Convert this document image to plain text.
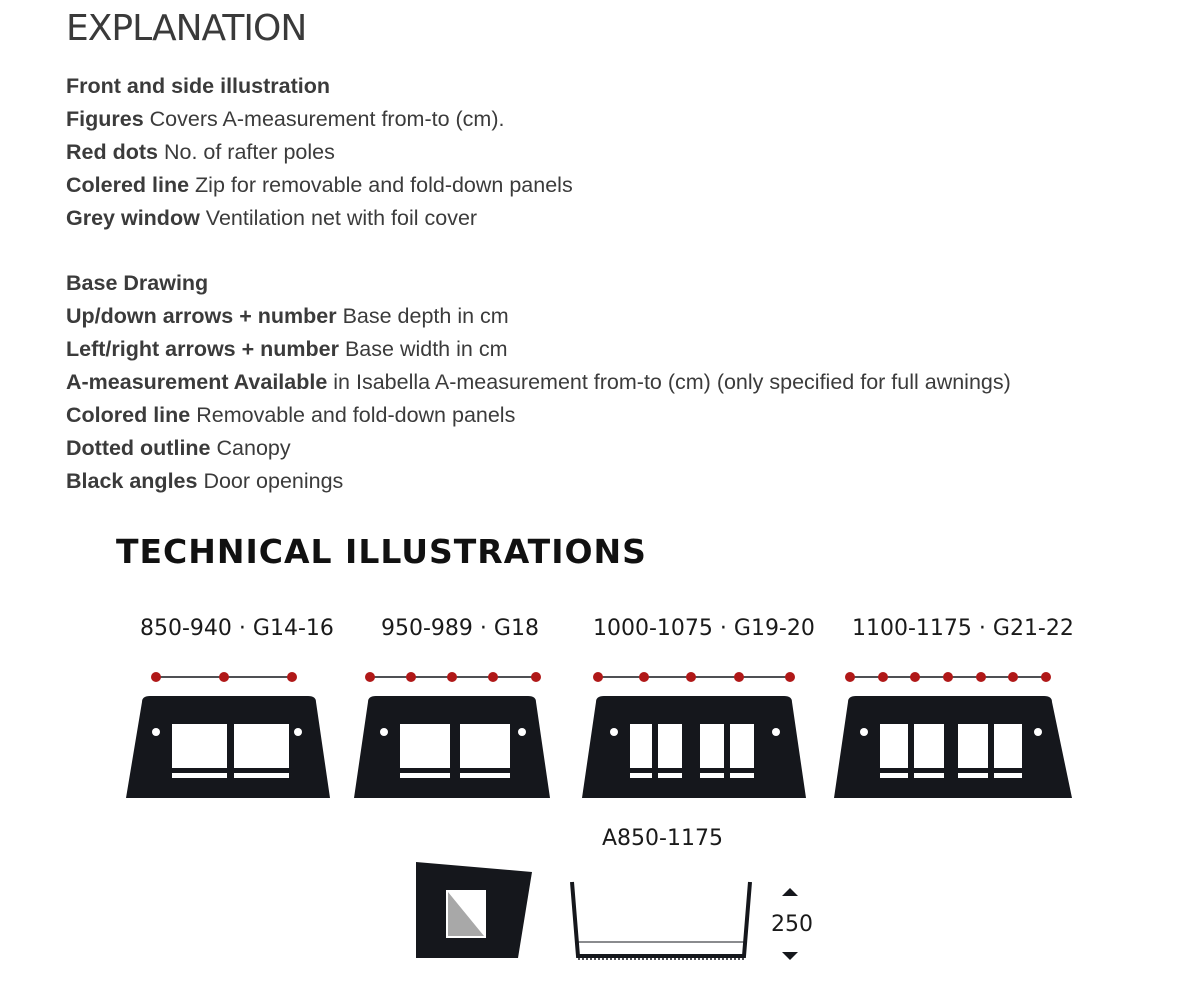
EXPLANATION
Front and side illustration
Figures Covers A-measurement from-to (cm).
Red dots No. of rafter poles
Colered line Zip for removable and fold-down panels
Grey window Ventilation net with foil cover
Base Drawing
Up/down arrows + number Base depth in cm
Left/right arrows + number Base width in cm
A-measurement Available in Isabella A-measurement from-to (cm) (only specified for full awnings)
Colored line Removable and fold-down panels
Dotted outline Canopy
Black angles Door openings
TECHNICAL ILLUSTRATIONS
850-940 · G14-16 950-989 · G18 1000-1075 · G19-20 1100-1175 · G21-22
A850-1175
250
